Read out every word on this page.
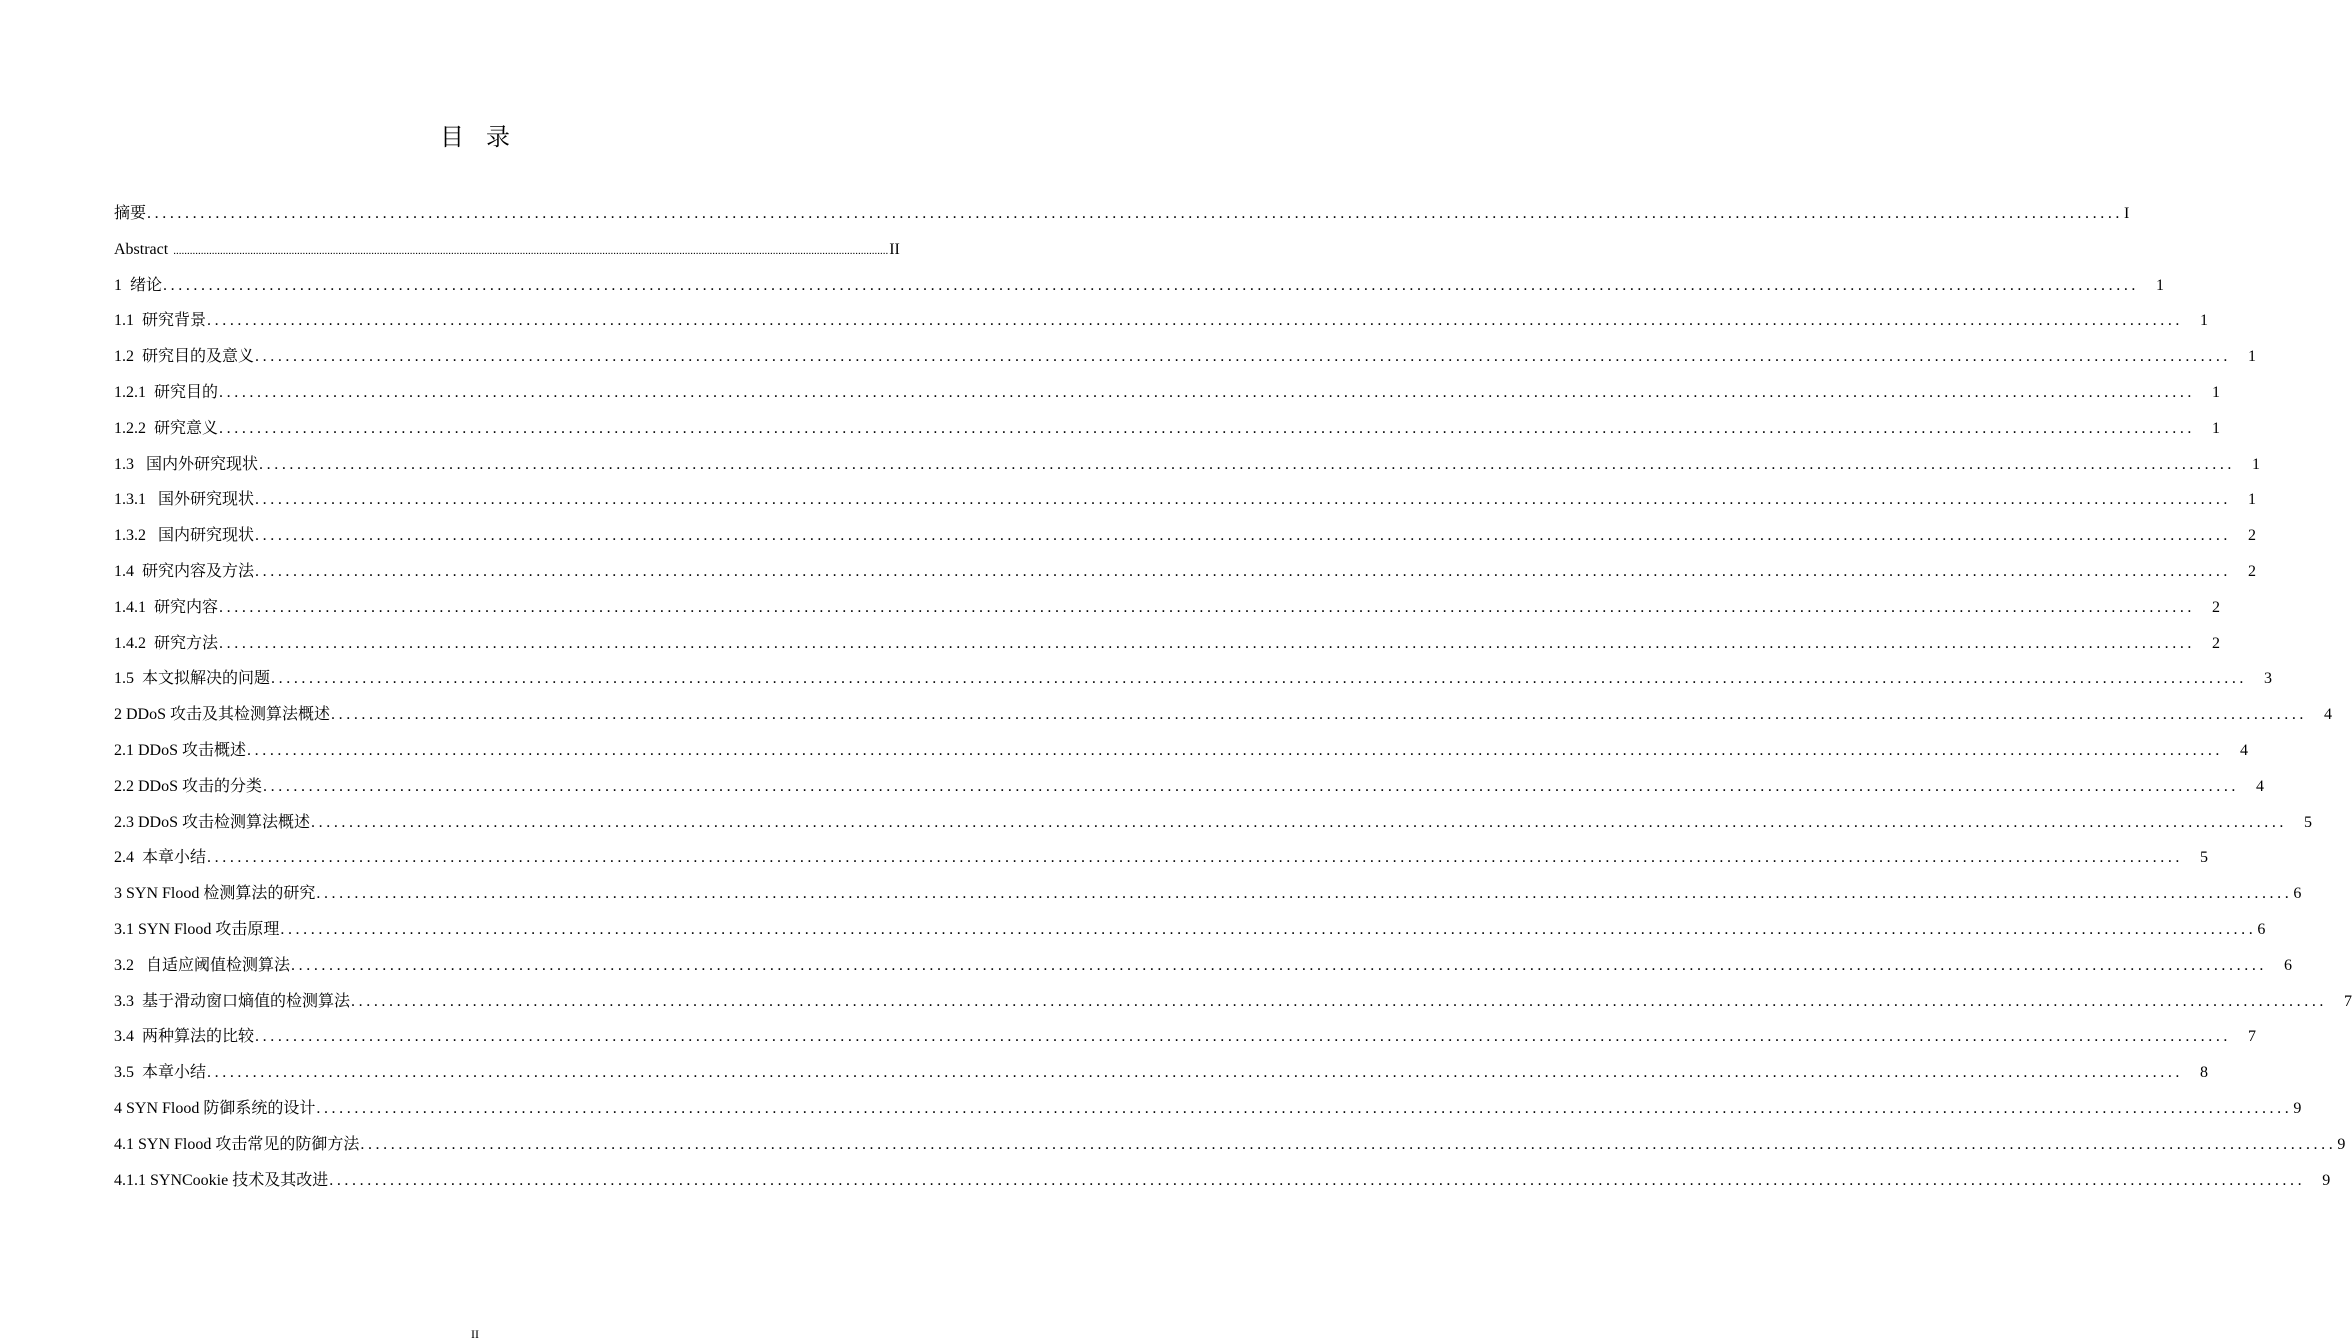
目录
摘要 .................................................................................................................................................................................................................................................................... I
Abstract .................................................................................................................................................................................................................................................................... II
1  绪论 ....................................................................................................................................................................................................................................................................	1
1.1  研究背景 ....................................................................................................................................................................................................................................................................	1
1.2  研究目的及意义 ....................................................................................................................................................................................................................................................................	1
1.2.1  研究目的 ....................................................................................................................................................................................................................................................................	1
1.2.2  研究意义 ....................................................................................................................................................................................................................................................................	1
1.3   国内外研究现状 ....................................................................................................................................................................................................................................................................	1
1.3.1   国外研究现状 ....................................................................................................................................................................................................................................................................	1
1.3.2   国内研究现状 ....................................................................................................................................................................................................................................................................	2
1.4  研究内容及方法 ....................................................................................................................................................................................................................................................................	2
1.4.1  研究内容 ....................................................................................................................................................................................................................................................................	2
1.4.2  研究方法 ....................................................................................................................................................................................................................................................................	2
1.5  本文拟解决的问题 ....................................................................................................................................................................................................................................................................	3
2 DDoS 攻击及其检测算法概述 ....................................................................................................................................................................................................................................................................	4
2.1 DDoS 攻击概述 ....................................................................................................................................................................................................................................................................	4
2.2 DDoS 攻击的分类 ....................................................................................................................................................................................................................................................................	4
2.3 DDoS 攻击检测算法概述 ....................................................................................................................................................................................................................................................................	5
2.4  本章小结 ....................................................................................................................................................................................................................................................................	5
3 SYN Flood 检测算法的研究 .................................................................................................................................................................................................................................................................... 6
3.1 SYN Flood 攻击原理 .................................................................................................................................................................................................................................................................... 6
3.2   自适应阈值检测算法 ....................................................................................................................................................................................................................................................................	6
3.3  基于滑动窗口熵值的检测算法 ....................................................................................................................................................................................................................................................................	7
3.4  两种算法的比较 ....................................................................................................................................................................................................................................................................	7
3.5  本章小结 ....................................................................................................................................................................................................................................................................	8
4 SYN Flood 防御系统的设计 .................................................................................................................................................................................................................................................................... 9
4.1 SYN Flood 攻击常见的防御方法 .................................................................................................................................................................................................................................................................... 9
4.1.1 SYNCookie 技术及其改进 ....................................................................................................................................................................................................................................................................	9
II
